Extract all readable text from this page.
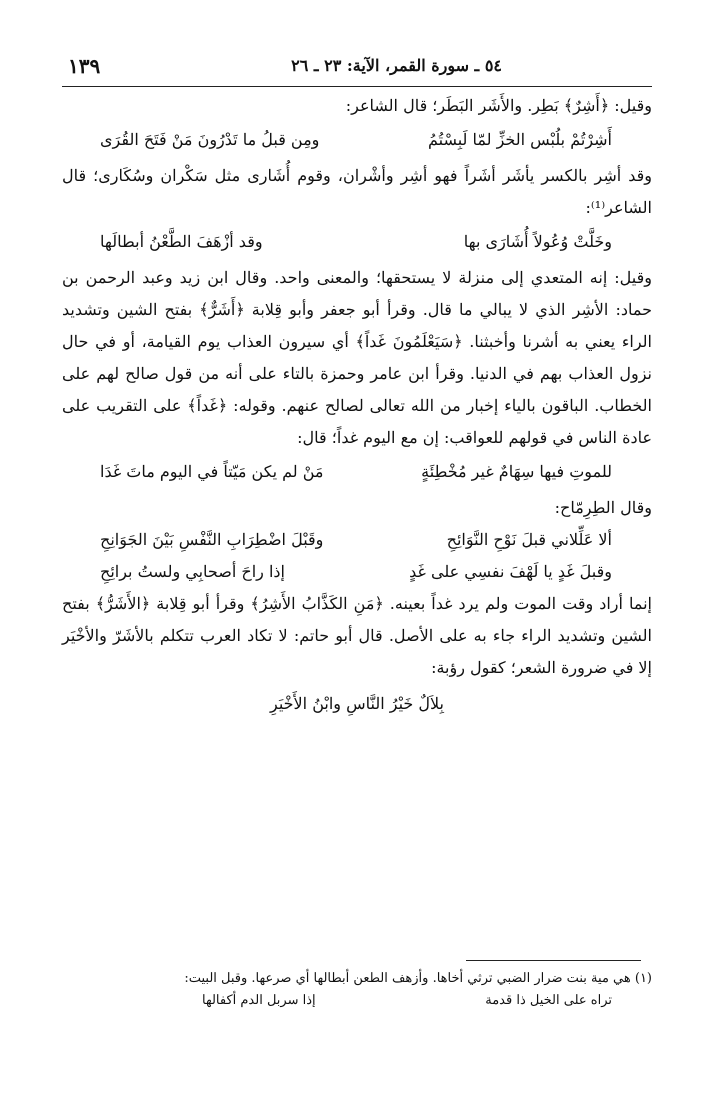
١٣٩	٥٤ ـ سورة القمر، الآية: ٢٣ ـ ٢٦

وقيل: ﴿أَشِرٌ﴾ بَطِر. والأَشَر البَطَر؛ قال الشاعر:

أَشِرْتُمْ بلُبْس الخزِّ لمّا لَبِسْتُمُ
ومِن قبلُ ما تَدْرُونَ مَنْ فَتَحَ القُرَى

وقد أشِر بالكسر يأشَر أشَراً فهو أشِر وأشْران، وقوم أُشَارى مثل سَكْران وسُكَارى؛ قال الشاعر⁽¹⁾:

وخَلَّتْ وُعُولاً أُشَارَى بها
وقد أزْهَفَ الطَّعْنُ أبطالَها

وقيل: إنه المتعدي إلى منزلة لا يستحقها؛ والمعنى واحد. وقال ابن زيد وعبد الرحمن بن حماد: الأشِر الذي لا يبالي ما قال. وقرأ أبو جعفر وأبو قِلابة ﴿أَشَرٌّ﴾ بفتح الشين وتشديد الراء يعني به أشرنا وأخبثنا. ﴿سَيَعْلَمُونَ غَداً﴾ أي سيرون العذاب يوم القيامة، أو في حال نزول العذاب بهم في الدنيا. وقرأ ابن عامر وحمزة بالتاء على أنه من قول صالح لهم على الخطاب. الباقون بالياء إخبار من الله تعالى لصالح عنهم. وقوله: ﴿غَداً﴾ على التقريب على عادة الناس في قولهم للعواقب: إن مع اليوم غداً؛ قال:

للموتِ فيها سِهَامٌ غير مُخْطِئَةٍ
مَنْ لم يكن مَيّتاً في اليوم ماتَ غَدَا

وقال الطِرِمّاح:

ألا عَلِّلاني قبلَ نَوْحِ النَّوَائِحِ
وقَبْلَ اضْطِرَابِ النَّفْسِ بَيْنَ الجَوَانِحِ
وقبلَ غَدٍ يا لَهْفَ نفسِي على غَدٍ
إذا راحَ أصحابِي ولستُ برائِحِ

إنما أراد وقت الموت ولم يرد غداً بعينه. ﴿مَنِ الكَذَّابُ الأَشِرُ﴾ وقرأ أبو قِلابة ﴿الأَشَرُّ﴾ بفتح الشين وتشديد الراء جاء به على الأصل. قال أبو حاتم: لا تكاد العرب تتكلم بالأشَرّ والأخْيَر إلا في ضرورة الشعر؛ كقول رؤبة:

بِلاَلٌ خَيْرُ النَّاسِ وابْنُ الأَخْيَرِ

(١) هي مية بنت ضرار الضبي ترثي أخاها. وأزهف الطعن أبطالها أي صرعها. وقبل البيت:

تراه على الخيل ذا قدمة
إذا سربل الدم أكفالها
